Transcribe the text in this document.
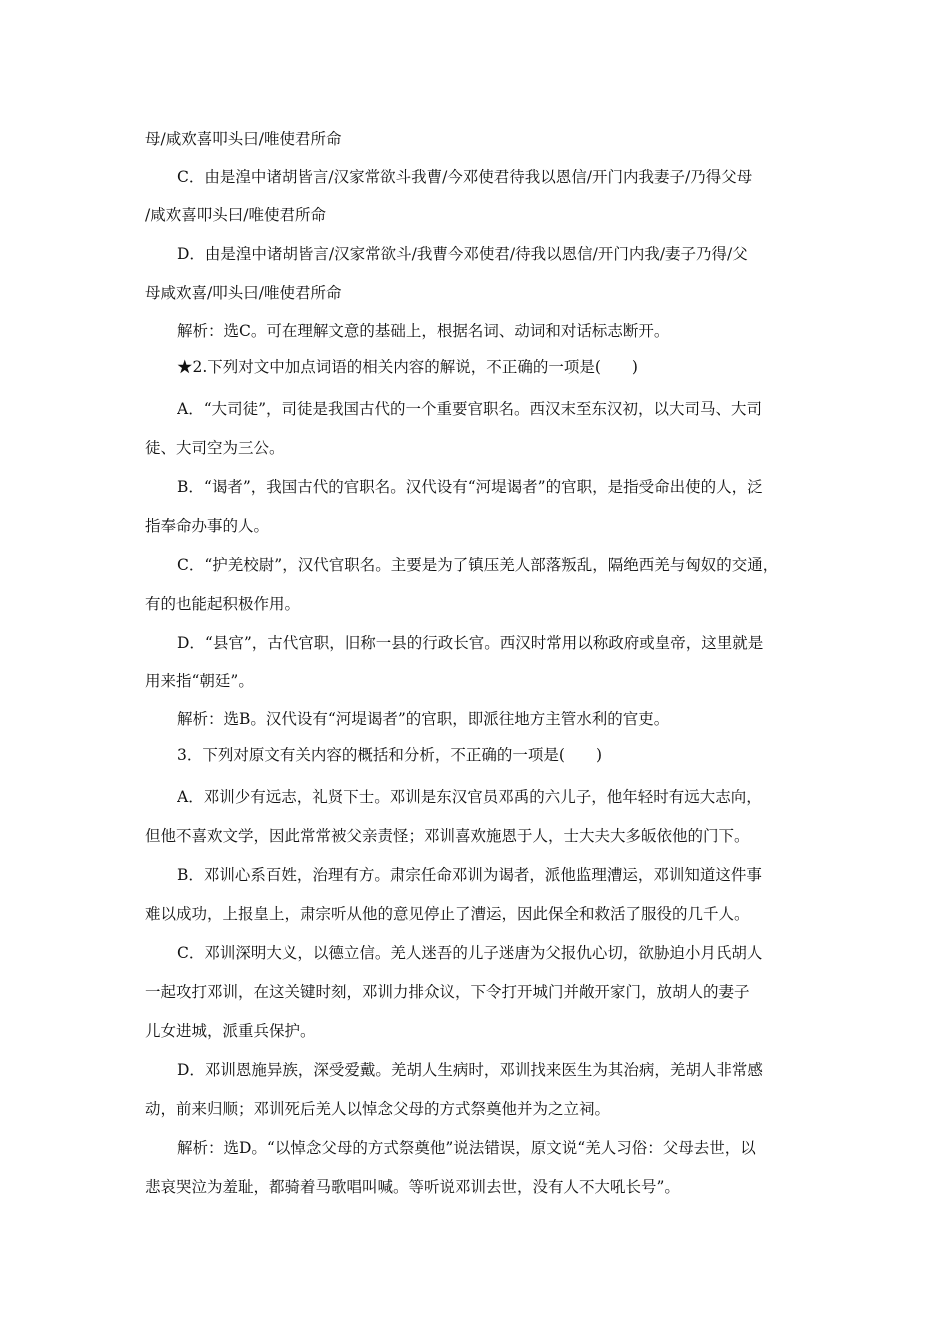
母/咸欢喜叩头曰/唯使君所命
C．由是湟中诸胡皆言/汉家常欲斗我曹/今邓使君待我以恩信/开门内我妻子/乃得父母
/咸欢喜叩头曰/唯使君所命
D．由是湟中诸胡皆言/汉家常欲斗/我曹今邓使君/待我以恩信/开门内我/妻子乃得/父
母咸欢喜/叩头曰/唯使君所命
解析：选C。可在理解文意的基础上，根据名词、动词和对话标志断开。
★2.下列对文中加点词语的相关内容的解说，不正确的一项是(　　)
A．“大司徒”，司徒是我国古代的一个重要官职名。西汉末至东汉初，以大司马、大司
徒、大司空为三公。
B．“谒者”，我国古代的官职名。汉代设有“河堤谒者”的官职，是指受命出使的人，泛
指奉命办事的人。
C．“护羌校尉”，汉代官职名。主要是为了镇压羌人部落叛乱，隔绝西羌与匈奴的交通，
有的也能起积极作用。
D．“县官”，古代官职，旧称一县的行政长官。西汉时常用以称政府或皇帝，这里就是
用来指“朝廷”。
解析：选B。汉代设有“河堤谒者”的官职，即派往地方主管水利的官吏。
3．下列对原文有关内容的概括和分析，不正确的一项是(　　)
A．邓训少有远志，礼贤下士。邓训是东汉官员邓禹的六儿子，他年轻时有远大志向，
但他不喜欢文学，因此常常被父亲责怪；邓训喜欢施恩于人，士大夫大多皈依他的门下。
B．邓训心系百姓，治理有方。肃宗任命邓训为谒者，派他监理漕运，邓训知道这件事
难以成功，上报皇上，肃宗听从他的意见停止了漕运，因此保全和救活了服役的几千人。
C．邓训深明大义，以德立信。羌人迷吾的儿子迷唐为父报仇心切，欲胁迫小月氏胡人
一起攻打邓训，在这关键时刻，邓训力排众议，下令打开城门并敞开家门，放胡人的妻子
儿女进城，派重兵保护。
D．邓训恩施异族，深受爱戴。羌胡人生病时，邓训找来医生为其治病，羌胡人非常感
动，前来归顺；邓训死后羌人以悼念父母的方式祭奠他并为之立祠。
解析：选D。“以悼念父母的方式祭奠他”说法错误，原文说“羌人习俗：父母去世，以
悲哀哭泣为羞耻，都骑着马歌唱叫喊。等听说邓训去世，没有人不大吼长号”。
